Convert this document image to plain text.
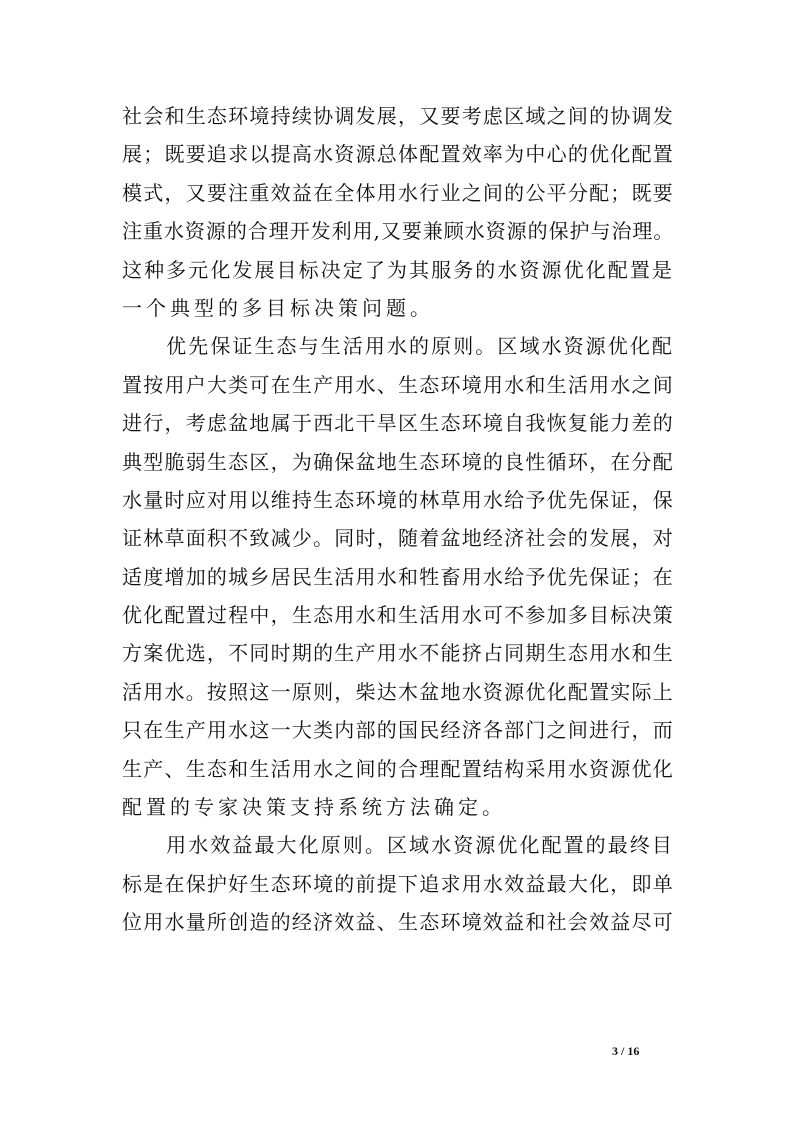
社会和生态环境持续协调发展，又要考虑区域之间的协调发
展；既要追求以提高水资源总体配置效率为中心的优化配置
模式，又要注重效益在全体用水行业之间的公平分配；既要
注重水资源的合理开发利用,又要兼顾水资源的保护与治理。
这种多元化发展目标决定了为其服务的水资源优化配置是
一个典型的多目标决策问题。
　　优先保证生态与生活用水的原则。区域水资源优化配
置按用户大类可在生产用水、生态环境用水和生活用水之间
进行，考虑盆地属于西北干旱区生态环境自我恢复能力差的
典型脆弱生态区，为确保盆地生态环境的良性循环，在分配
水量时应对用以维持生态环境的林草用水给予优先保证，保
证林草面积不致减少。同时，随着盆地经济社会的发展，对
适度增加的城乡居民生活用水和牲畜用水给予优先保证；在
优化配置过程中，生态用水和生活用水可不参加多目标决策
方案优选，不同时期的生产用水不能挤占同期生态用水和生
活用水。按照这一原则，柴达木盆地水资源优化配置实际上
只在生产用水这一大类内部的国民经济各部门之间进行，而
生产、生态和生活用水之间的合理配置结构采用水资源优化
配置的专家决策支持系统方法确定。
　　用水效益最大化原则。区域水资源优化配置的最终目
标是在保护好生态环境的前提下追求用水效益最大化，即单
位用水量所创造的经济效益、生态环境效益和社会效益尽可
3 / 16
